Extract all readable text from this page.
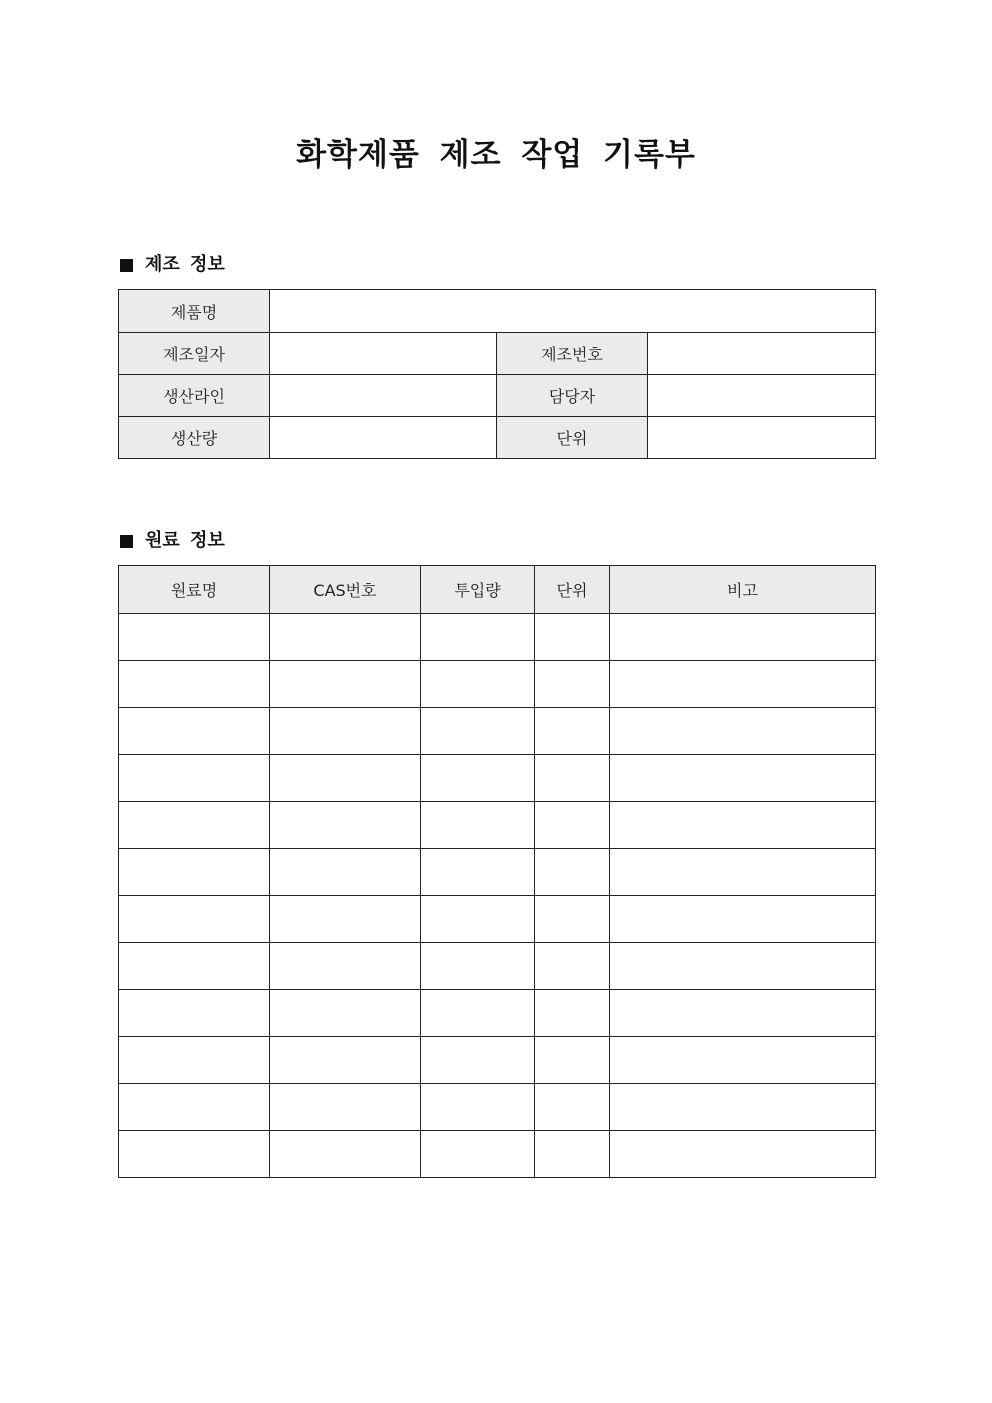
화학제품 제조 작업 기록부
제조 정보
제품명			
제조일자		제조번호	
생산라인		담당자	
생산량		단위	
원료 정보
원료명	CAS번호	투입량	단위	비고
